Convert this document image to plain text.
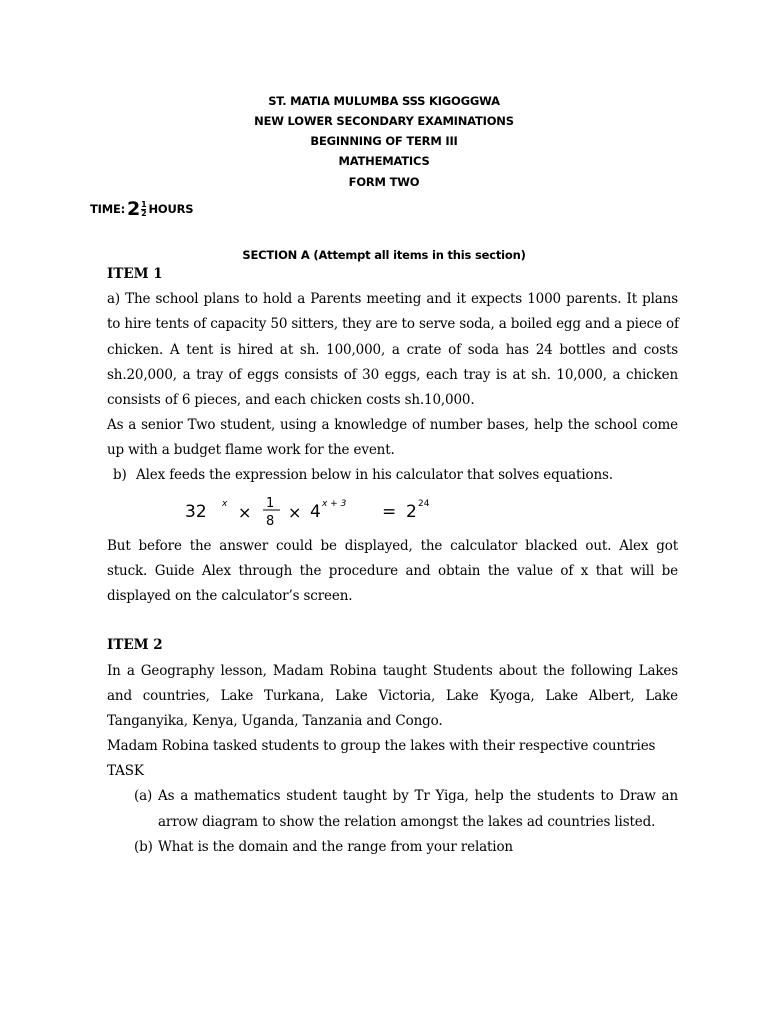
ST. MATIA MULUMBA SSS KIGOGGWA
NEW LOWER SECONDARY EXAMINATIONS
BEGINNING OF TERM III
MATHEMATICS
FORM TWO
TIME: $2 \frac{1}{2}$ HOURS
SECTION A (Attempt all items in this section)
ITEM 1
a) The school plans to hold a Parents meeting and it expects 1000 parents. It plans
to hire tents of capacity 50 sitters, they are to serve soda, a boiled egg and a piece of
chicken. A tent is hired at sh. 100,000, a crate of soda has 24 bottles and costs
sh.20,000, a tray of eggs consists of 30 eggs, each tray is at sh. 10,000, a chicken
consists of 6 pieces, and each chicken costs sh.10,000.
As a senior Two student, using a knowledge of number bases, help the school come
up with a budget flame work for the event.
b) Alex feeds the expression below in his calculator that solves equations.
32 x × 1
8 × 4 x + 3 = 2 24
But before the answer could be displayed, the calculator blacked out. Alex got
stuck. Guide Alex through the procedure and obtain the value of x that will be
displayed on the calculator’s screen.
ITEM 2
In a Geography lesson, Madam Robina taught Students about the following Lakes
and countries, Lake Turkana, Lake Victoria, Lake Kyoga, Lake Albert, Lake
Tanganyika, Kenya, Uganda, Tanzania and Congo.
Madam Robina tasked students to group the lakes with their respective countries
TASK
(a) As a mathematics student taught by Tr Yiga, help the students to Draw an
arrow diagram to show the relation amongst the lakes ad countries listed.
(b) What is the domain and the range from your relation
